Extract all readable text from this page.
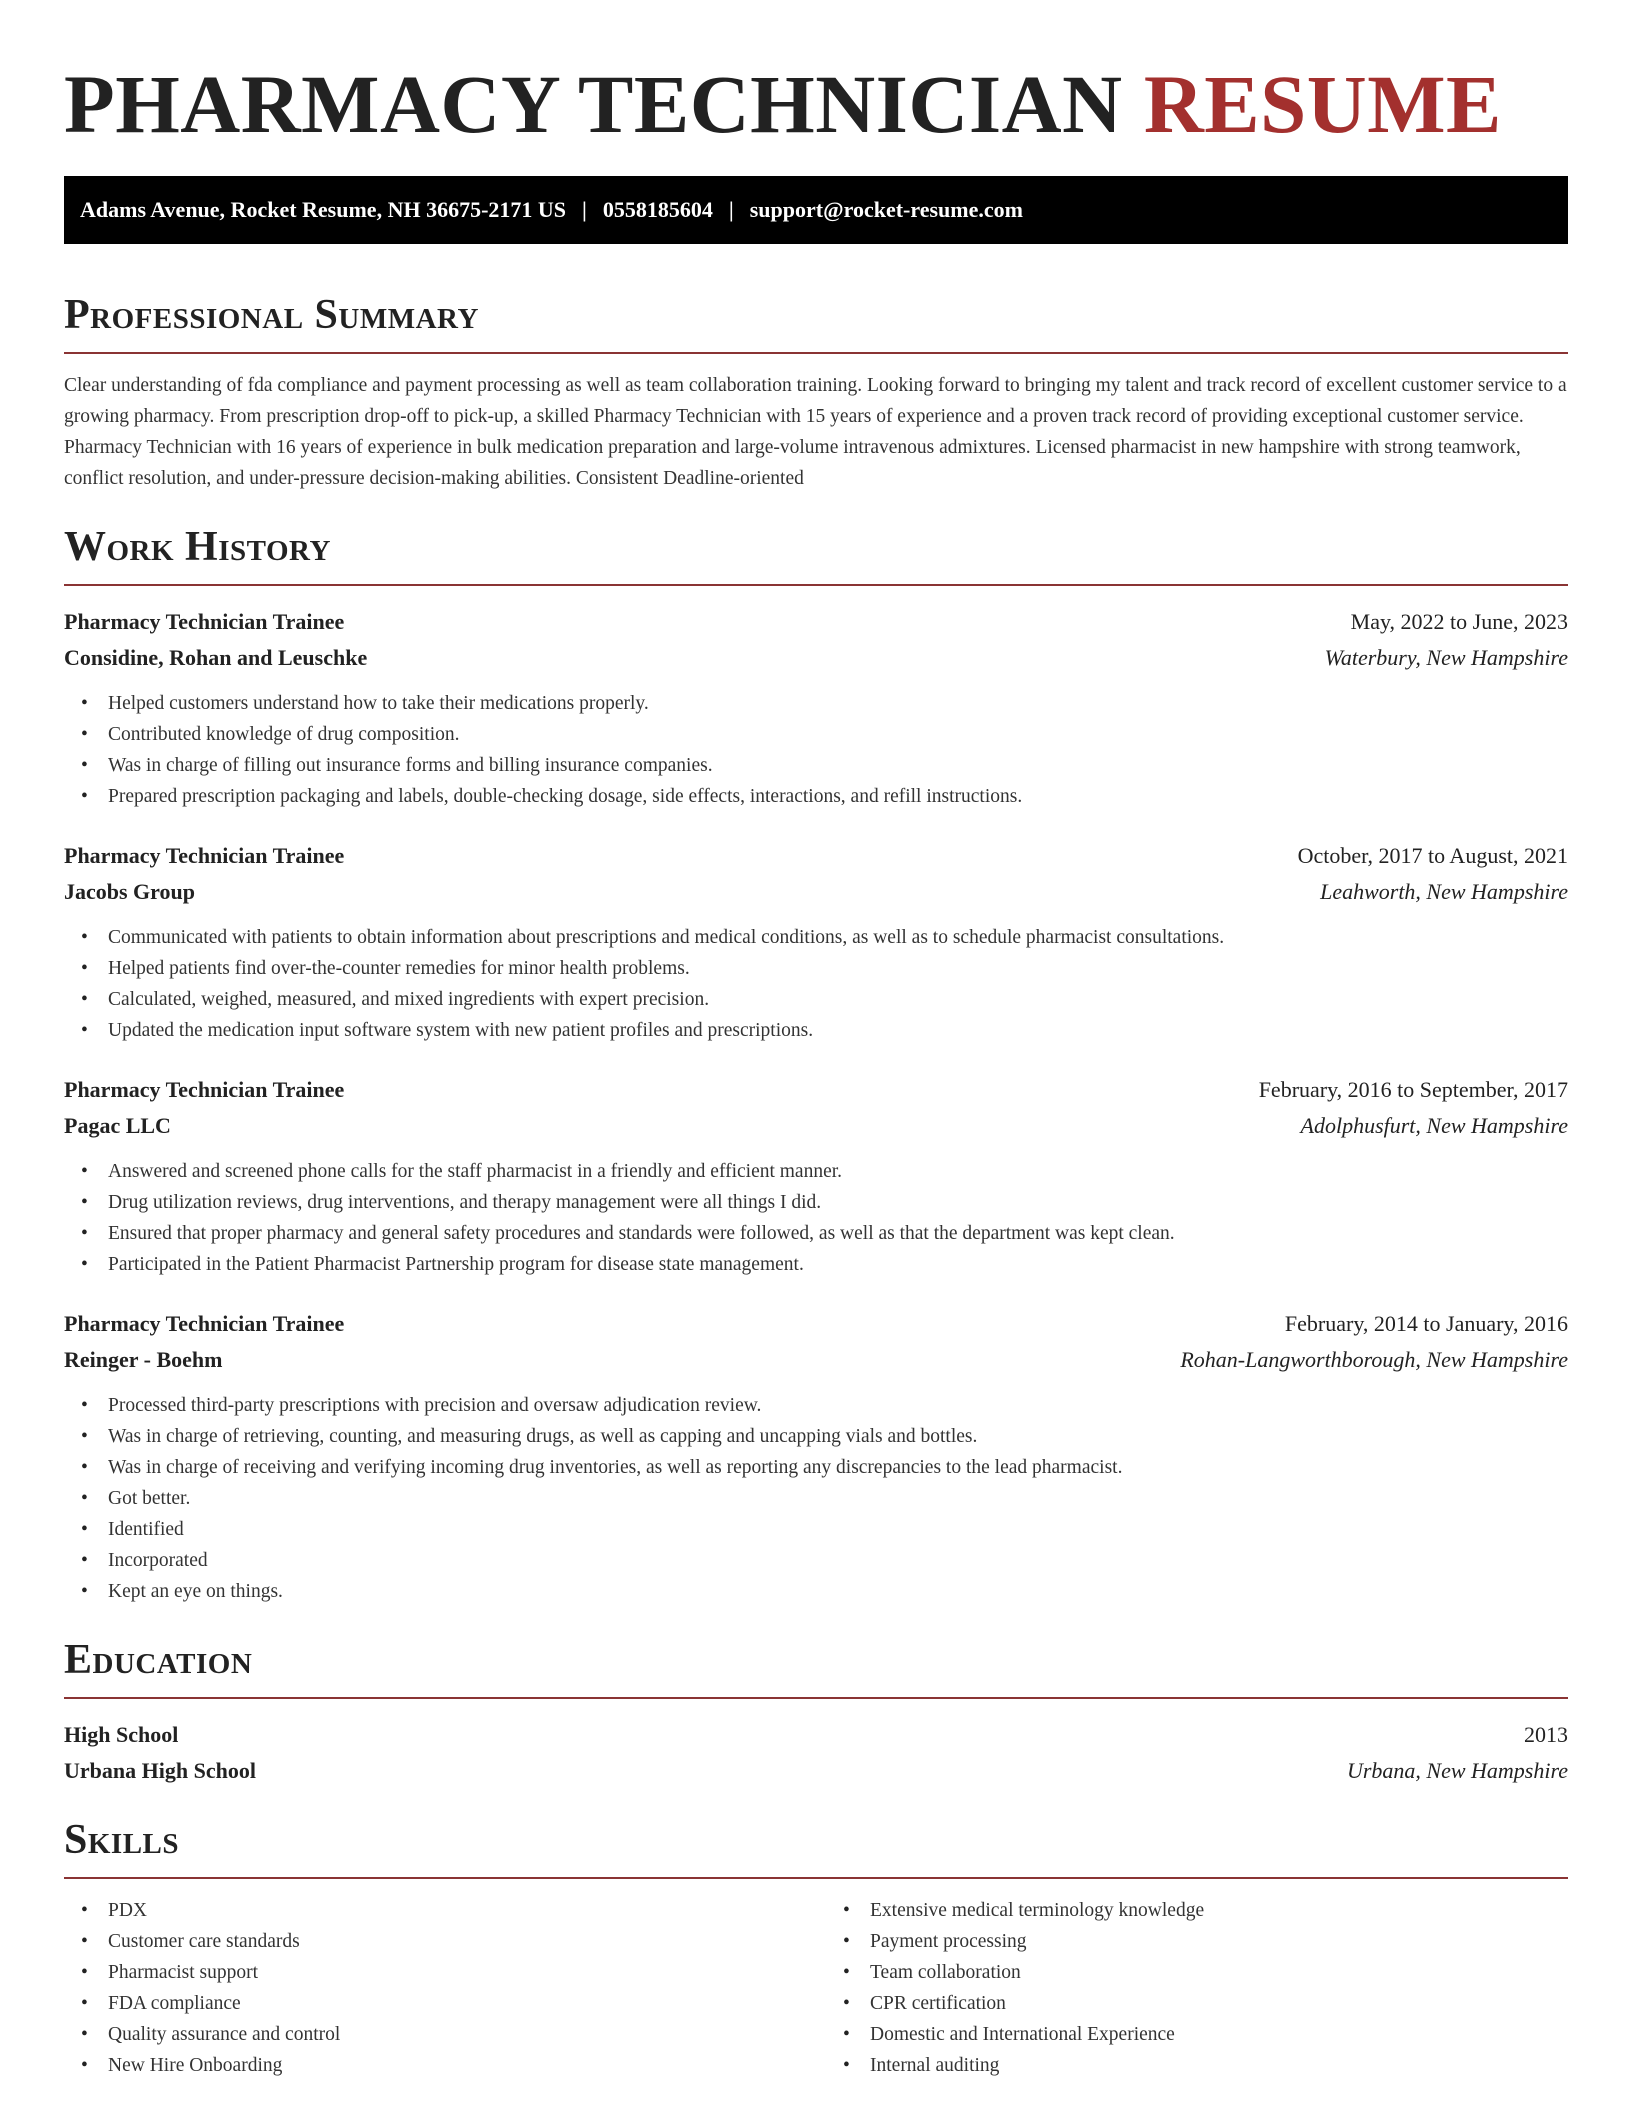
PHARMACY TECHNICIAN RESUME
Adams Avenue, Rocket Resume, NH 36675-2171 US | 0558185604 | support@rocket-resume.com
Professional Summary

Clear understanding of fda compliance and payment processing as well as team collaboration training. Looking forward to bringing my talent and track record of excellent customer service to a growing pharmacy. From prescription drop-off to pick-up, a skilled Pharmacy Technician with 15 years of experience and a proven track record of providing exceptional customer service. Pharmacy Technician with 16 years of experience in bulk medication preparation and large-volume intravenous admixtures. Licensed pharmacist in new hampshire with strong teamwork, conflict resolution, and under-pressure decision-making abilities. Consistent Deadline-oriented

Work History
Pharmacy Technician Trainee	May, 2022 to June, 2023
Considine, Rohan and Leuschke	Waterbury, New Hampshire
• Helped customers understand how to take their medications properly.
• Contributed knowledge of drug composition.
• Was in charge of filling out insurance forms and billing insurance companies.
• Prepared prescription packaging and labels, double-checking dosage, side effects, interactions, and refill instructions.
Pharmacy Technician Trainee	October, 2017 to August, 2021
Jacobs Group	Leahworth, New Hampshire
• Communicated with patients to obtain information about prescriptions and medical conditions, as well as to schedule pharmacist consultations.
• Helped patients find over-the-counter remedies for minor health problems.
• Calculated, weighed, measured, and mixed ingredients with expert precision.
• Updated the medication input software system with new patient profiles and prescriptions.
Pharmacy Technician Trainee	February, 2016 to September, 2017
Pagac LLC	Adolphusfurt, New Hampshire
• Answered and screened phone calls for the staff pharmacist in a friendly and efficient manner.
• Drug utilization reviews, drug interventions, and therapy management were all things I did.
• Ensured that proper pharmacy and general safety procedures and standards were followed, as well as that the department was kept clean.
• Participated in the Patient Pharmacist Partnership program for disease state management.
Pharmacy Technician Trainee	February, 2014 to January, 2016
Reinger - Boehm	Rohan-Langworthborough, New Hampshire
• Processed third-party prescriptions with precision and oversaw adjudication review.
• Was in charge of retrieving, counting, and measuring drugs, as well as capping and uncapping vials and bottles.
• Was in charge of receiving and verifying incoming drug inventories, as well as reporting any discrepancies to the lead pharmacist.
• Got better.
• Identified
• Incorporated
• Kept an eye on things.
Education
High School	2013
Urbana High School	Urbana, New Hampshire
Skills
• PDX
• Customer care standards
• Pharmacist support
• FDA compliance
• Quality assurance and control
• New Hire Onboarding
• Extensive medical terminology knowledge
• Payment processing
• Team collaboration
• CPR certification
• Domestic and International Experience
• Internal auditing
